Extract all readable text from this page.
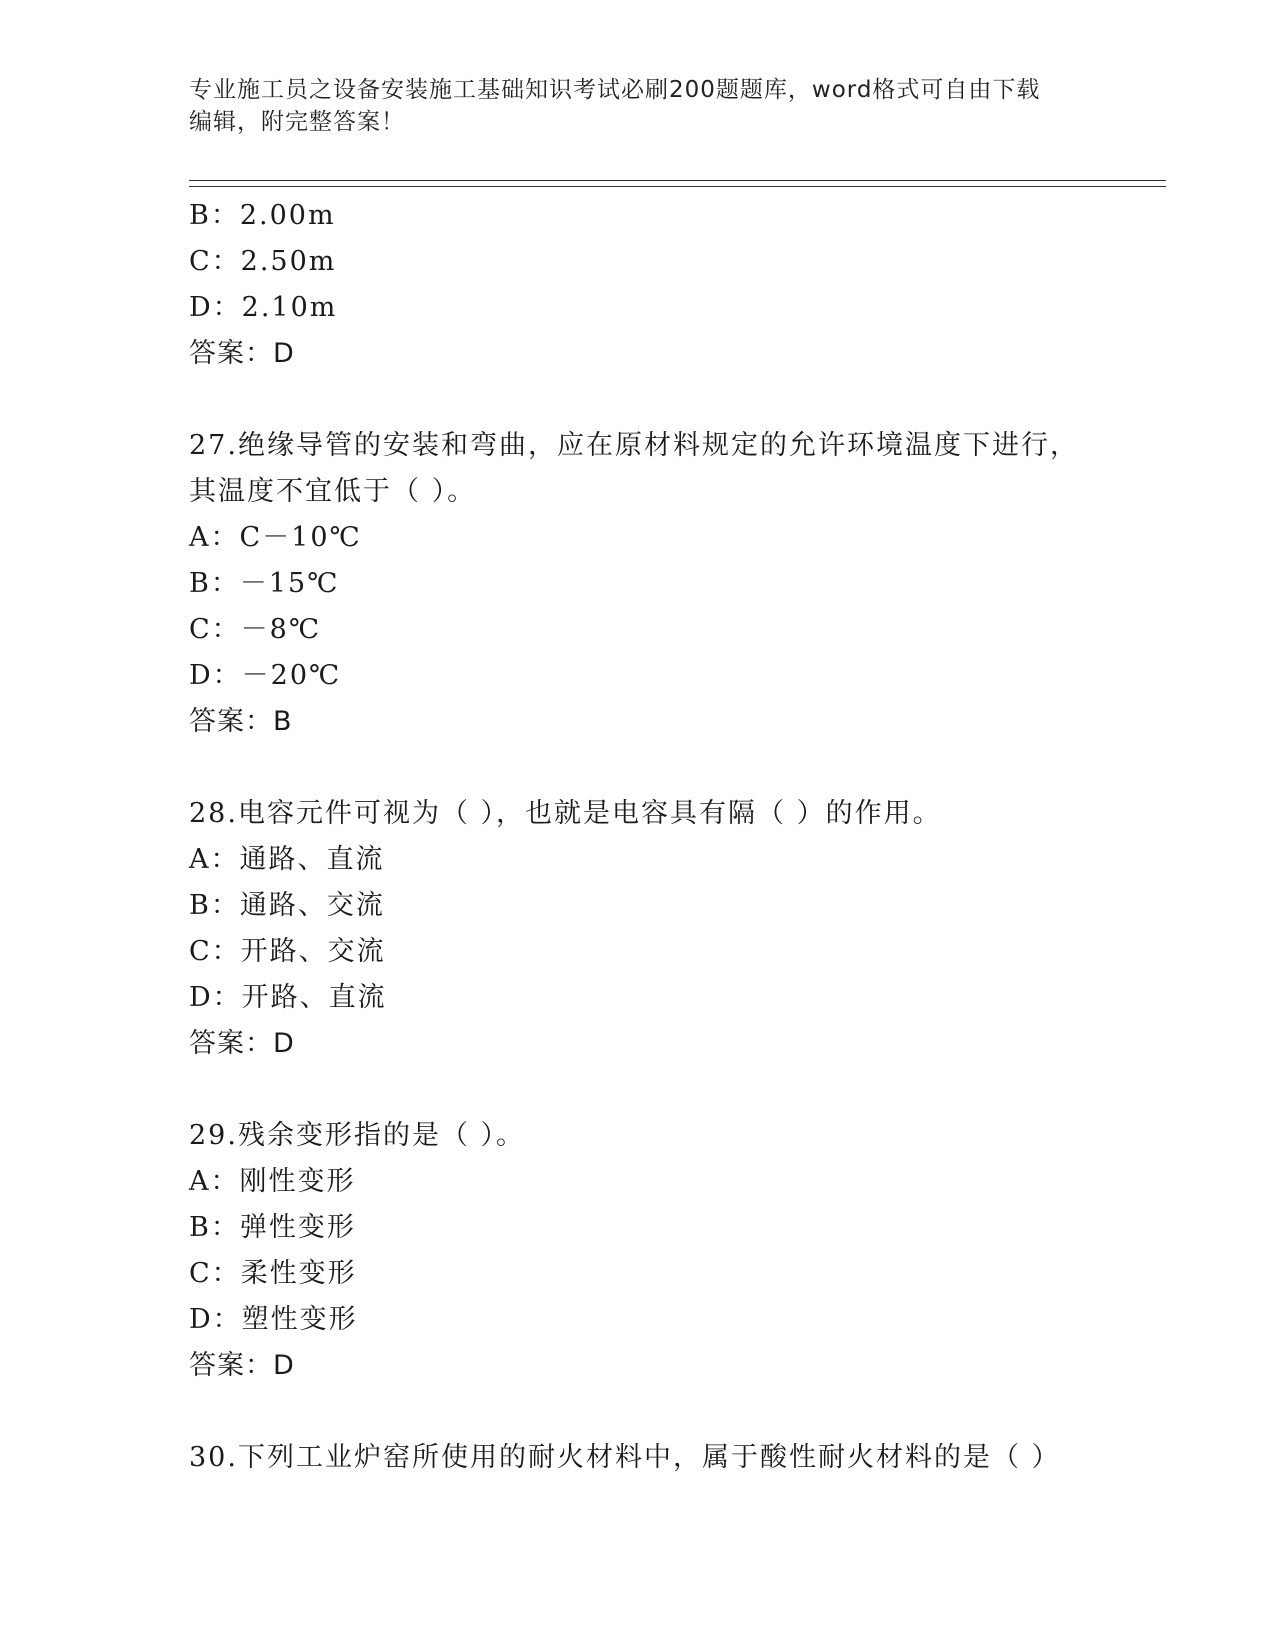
专业施工员之设备安装施工基础知识考试必刷200题题库，word格式可自由下载
编辑，附完整答案！
B：2.00m
C：2.50m
D：2.10m
答案：D
27.绝缘导管的安装和弯曲，应在原材料规定的允许环境温度下进行，
其温度不宜低于（ ）。
A：C－10℃
B：－15℃
C：－8℃
D：－20℃
答案：B
28.电容元件可视为（ ），也就是电容具有隔（ ）的作用。
A：通路、直流
B：通路、交流
C：开路、交流
D：开路、直流
答案：D
29.残余变形指的是（ ）。
A：刚性变形
B：弹性变形
C：柔性变形
D：塑性变形
答案：D
30.下列工业炉窑所使用的耐火材料中，属于酸性耐火材料的是（ ）
